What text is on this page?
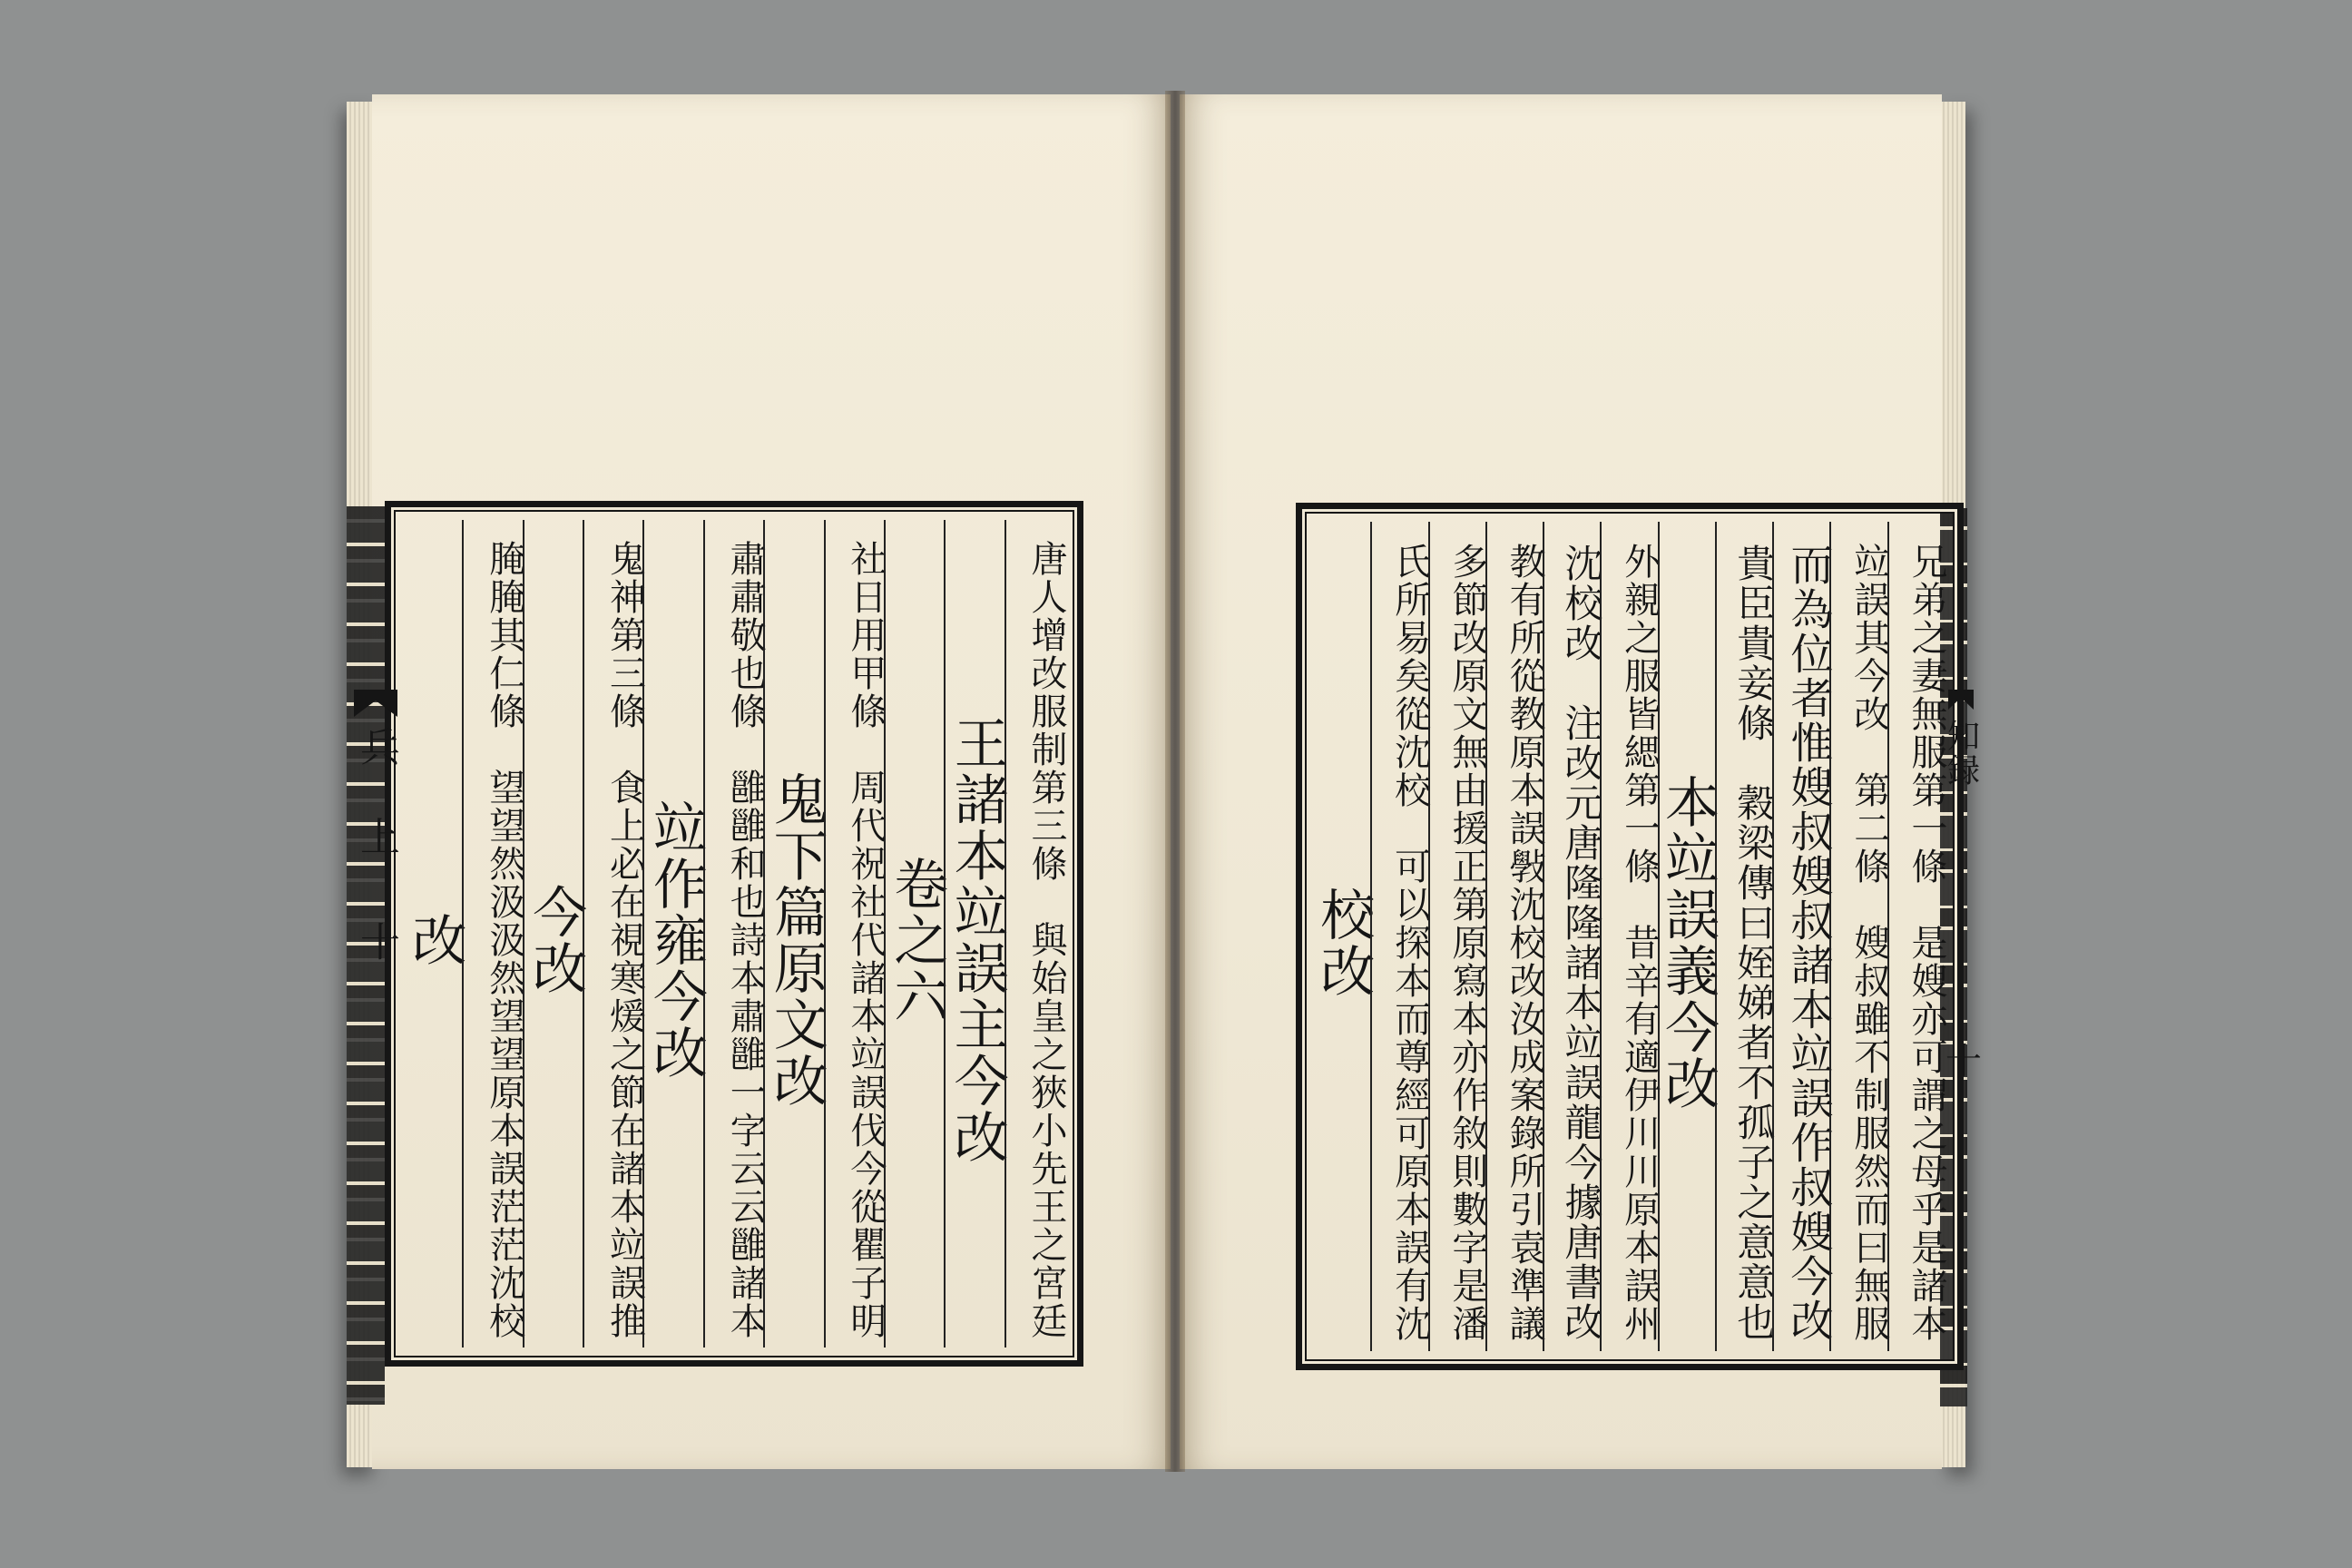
唐人增改服制第三條　與始皇之狹小先王之宮廷
王諸本竝誤主今改
卷之六
社日用甲條　周代祝社代諸本竝誤伐今從瞿子明
鬼下篇原文改
肅肅敬也條　雝雝和也詩本肅雝一字云云雝諸本
竝作雍今改
鬼神第三條　食上必在視寒煖之節在諸本竝誤推
今改
腌腌其仁條　望望然汲汲然望望原本誤茫茫沈校
改	兄弟之妻無服第一條　是嫂亦可謂之母乎是諸本
竝誤其今改　第二條　嫂叔雖不制服然而曰無服
而為位者惟嫂叔嫂叔諸本竝誤作叔嫂今改
貴臣貴妾條　穀梁傳曰姪娣者不孤子之意意也
本竝誤義今改
外親之服皆緦第一條　昔辛有適伊川川原本誤州
沈校改　注改元唐隆隆諸本竝誤龍今據唐書改
教有所從教原本誤斅沈校改汝成案錄所引袁準議
多節改原文無由援正第原寫本亦作敘則數字是潘
氏所易矣從沈校　可以探本而尊經可原本誤有沈
校改
兵 上
十
知録
十
